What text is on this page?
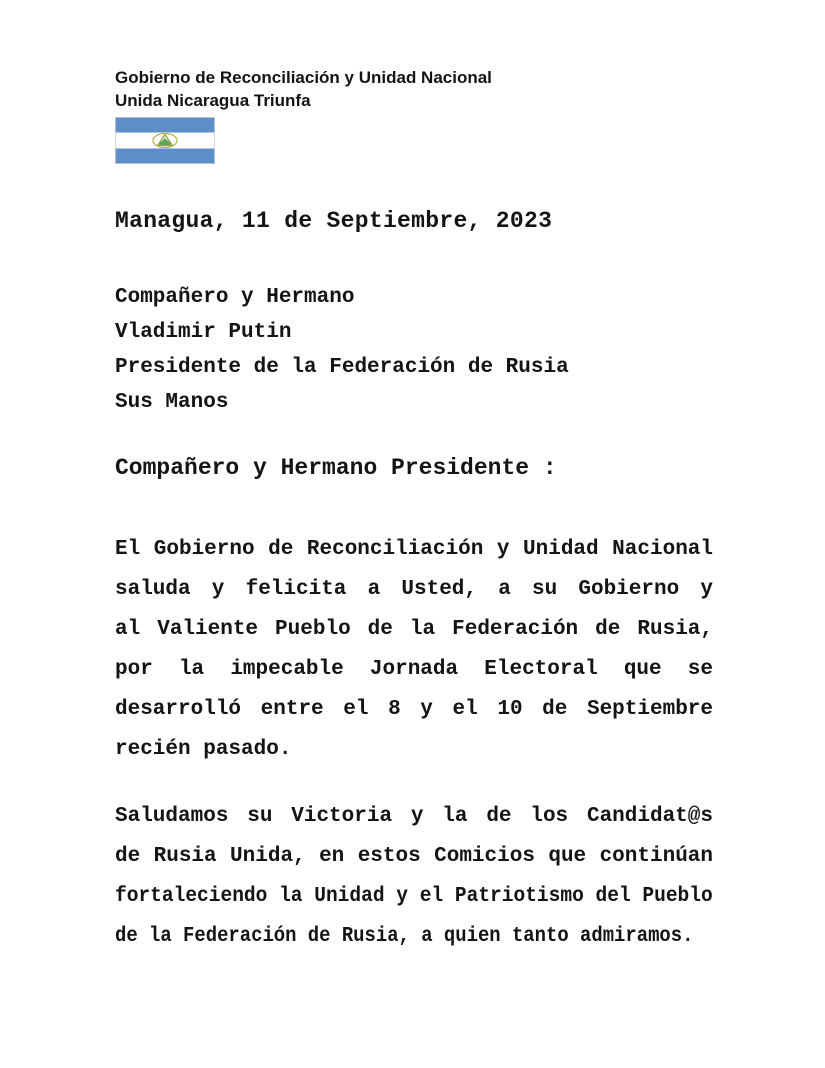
Gobierno de Reconciliación y Unidad Nacional
Unida Nicaragua Triunfa
Managua, 11 de Septiembre, 2023
Compañero y Hermano
Vladimir Putin
Presidente de la Federación de Rusia
Sus Manos
Compañero y Hermano Presidente :
El Gobierno de Reconciliación y Unidad Nacional
saluda y felicita a Usted, a su Gobierno y
al Valiente Pueblo de la Federación de Rusia,
por la impecable Jornada Electoral que se
desarrolló entre el 8 y el 10 de Septiembre
recién pasado.
Saludamos su Victoria y la de los Candidat@s
de Rusia Unida, en estos Comicios que continúan
fortaleciendo la Unidad y el Patriotismo del Pueblo
de la Federación de Rusia, a quien tanto admiramos.
